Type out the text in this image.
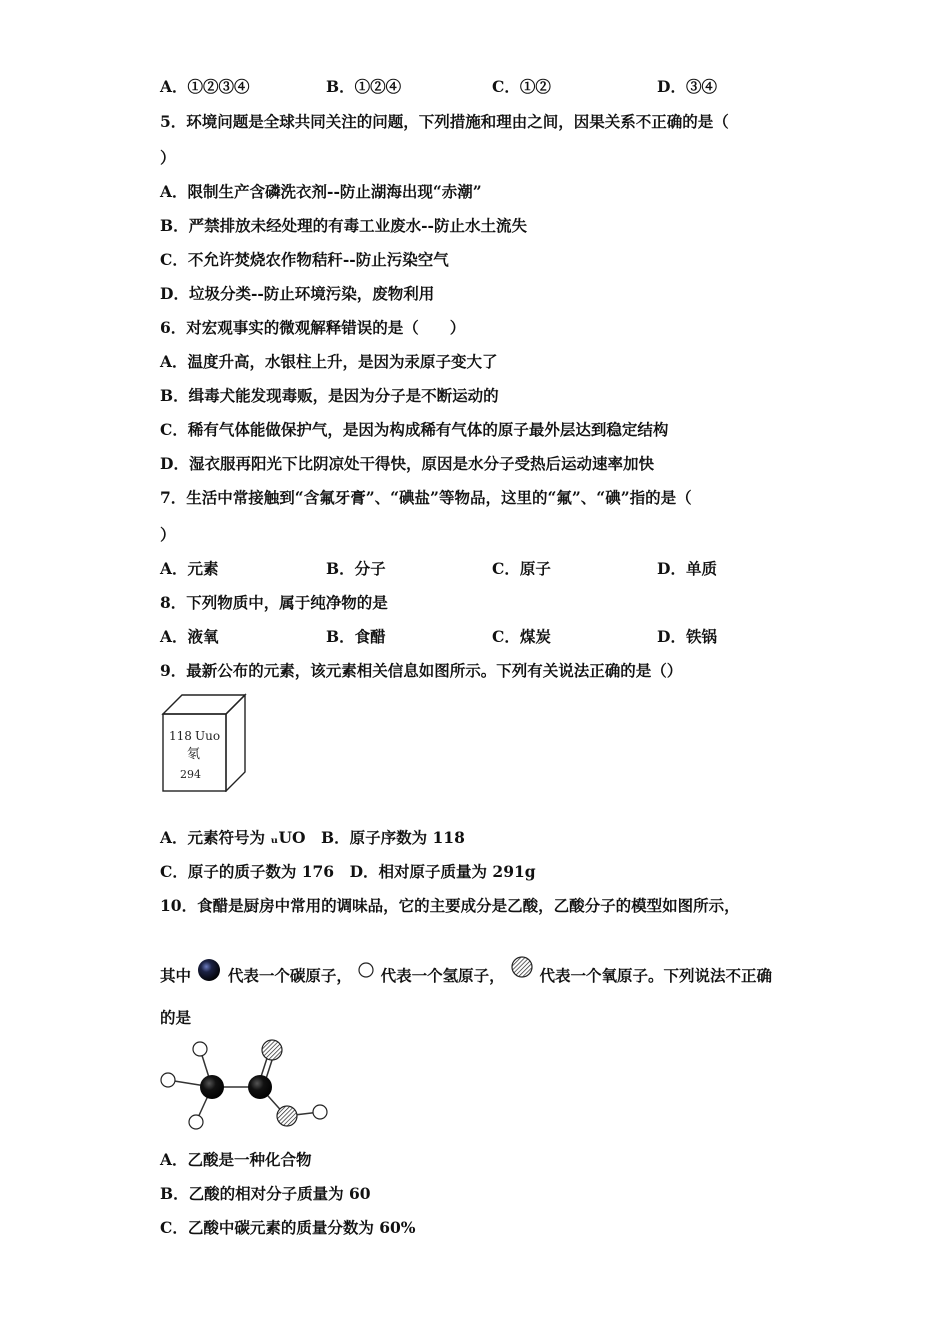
A．①②③④	B．①②④	C．①②	D．③④
5．环境问题是全球共同关注的问题，下列措施和理由之间，因果关系不正确的是（
）
A．限制生产含磷洗衣剂--防止湖海出现“赤潮”
B．严禁排放未经处理的有毒工业废水--防止水土流失
C．不允许焚烧农作物秸秆--防止污染空气
D．垃圾分类--防止环境污染，废物利用
6．对宏观事实的微观解释错误的是（　　）
A．温度升高，水银柱上升，是因为汞原子变大了
B．缉毒犬能发现毒贩，是因为分子是不断运动的
C．稀有气体能做保护气，是因为构成稀有气体的原子最外层达到稳定结构
D．湿衣服再阳光下比阴凉处干得快，原因是水分子受热后运动速率加快
7．生活中常接触到“含氟牙膏”、“碘盐”等物品，这里的“氟”、“碘”指的是（
）
A．元素	B．分子	C．原子	D．单质
8．下列物质中，属于纯净物的是
A．液氧	B．食醋	C．煤炭	D．铁锅
9．最新公布的元素，该元素相关信息如图所示。下列有关说法正确的是（）
118 Uuo
氡
294
A．元素符号为 ᵤUO　B．原子序数为 118
C．原子的质子数为 176　D．相对原子质量为 291g
10．食醋是厨房中常用的调味品，它的主要成分是乙酸，乙酸分子的模型如图所示，
其中 代表一个碳原子， 代表一个氢原子， 代表一个氧原子。下列说法不正确
的是
A．乙酸是一种化合物
B．乙酸的相对分子质量为 60
C．乙酸中碳元素的质量分数为 60%
